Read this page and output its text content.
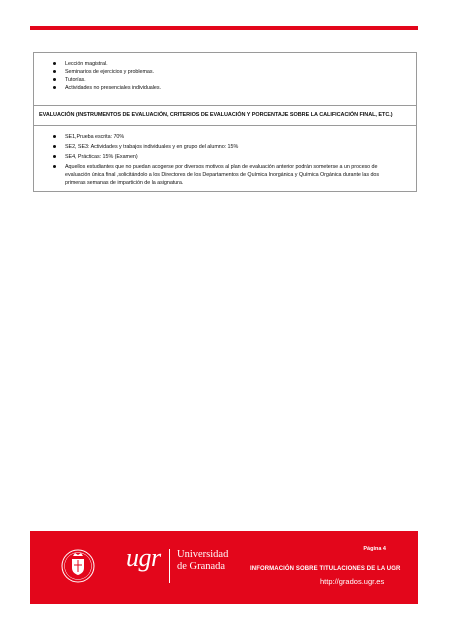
Lección magistral.
Seminarios de ejercicios y problemas.
Tutorías.
Actividades no presenciales individuales.
EVALUACIÓN (INSTRUMENTOS DE EVALUACIÓN, CRITERIOS DE EVALUACIÓN Y PORCENTAJE SOBRE LA CALIFICACIÓN FINAL, ETC.)
SE1,Prueba escrita: 70%
SE2, SE3: Actividades y trabajos individuales y en grupo del alumno: 15%
SE4, Prácticas: 15% (Examen)
Aquellos estudiantes que no puedan acogerse por diversos motivos al plan de evaluación anterior podrán someterse a un proceso de evaluación única final ,solicitándolo a los Directores de los Departamentos de Química Inorgánica y Química Orgánica durante las dos primeras semanas de impartición de la asignatura.
ugr Universidad
de Granada
Página 4
INFORMACIÓN SOBRE TITULACIONES DE LA UGR
http://grados.ugr.es
